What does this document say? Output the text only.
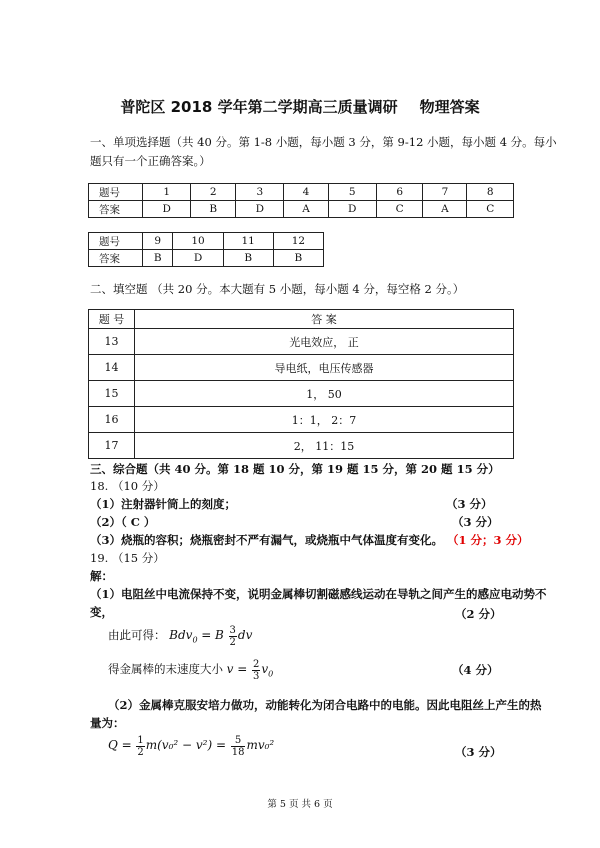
普陀区 2018 学年第二学期高三质量调研 物理答案
一、单项选择题（共 40 分。第 1-8 小题，每小题 3 分，第 9-12 小题，每小题 4 分。每小
题只有一个正确答案。）
题号	1	2	3	4	5	6	7	8
答案	D	B	D	A	D	C	A	C
题号	9	10	11	12
答案	B	D	B	B
二、填空题 （共 20 分。本大题有 5 小题，每小题 4 分，每空格 2 分。）
题 号	答 案
13	光电效应， 正
14	导电纸，电压传感器
15	1， 50
16	1：1， 2：7
17	2， 11：15
三、综合题（共 40 分。第 18 题 10 分，第 19 题 15 分，第 20 题 15 分）
18. （10 分）
（1）注射器针筒上的刻度；	（3 分）
（2）（ C ）	（3 分）
（3）烧瓶的容积；烧瓶密封不严有漏气，或烧瓶中气体温度有变化。 （1 分；3 分）
19. （15 分）
解：
（1）电阻丝中电流保持不变，说明金属棒切割磁感线运动在导轨之间产生的感应电动势不
变，	（2 分）
由此可得： Bdv$_0$ = B $\frac{3}{2}$ dv
得金属棒的末速度大小 $v = \frac{2}{3} v_0$	（4 分）
（2）金属棒克服安培力做功，动能转化为闭合电路中的电能。因此电阻丝上产生的热
量为：
$Q = \frac{1}{2} m(v_0^2 - v^2) = \frac{5}{18} mv_0^2$	（3 分）
第 5 页 共 6 页
